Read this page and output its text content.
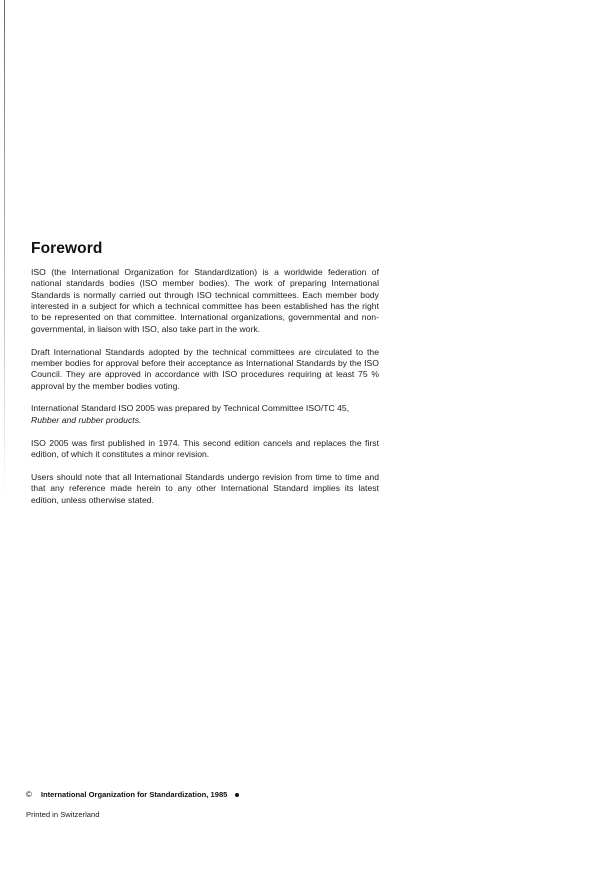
Foreword

ISO (the International Organization for Standardization) is a worldwide federation of national standards bodies (ISO member bodies). The work of preparing International Standards is normally carried out through ISO technical committees. Each member body interested in a subject for which a technical committee has been established has the right to be represented on that committee. International organizations, governmental and non-governmental, in liaison with ISO, also take part in the work.

Draft International Standards adopted by the technical committees are circulated to the member bodies for approval before their acceptance as International Standards by the ISO Council. They are approved in accordance with ISO procedures requiring at least 75 % approval by the member bodies voting.

International Standard ISO 2005 was prepared by Technical Committee ISO/TC 45,
Rubber and rubber products.

ISO 2005 was first published in 1974. This second edition cancels and replaces the first edition, of which it constitutes a minor revision.

Users should note that all International Standards undergo revision from time to time and that any reference made herein to any other International Standard implies its latest edition, unless otherwise stated.

© International Organization for Standardization, 1985
Printed in Switzerland
